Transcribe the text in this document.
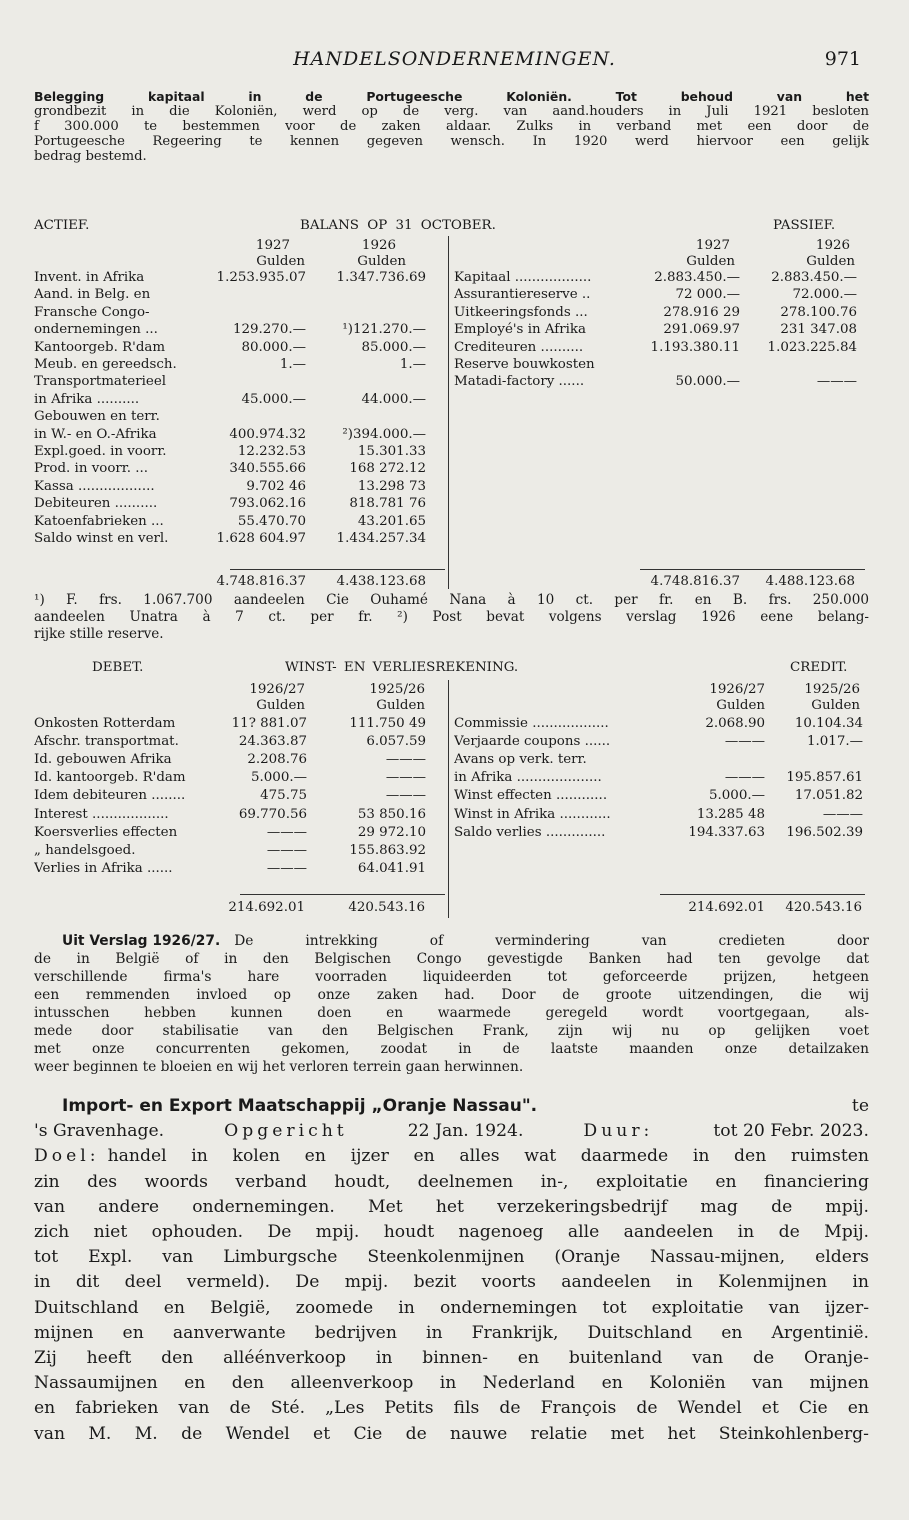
HANDELSONDERNEMINGEN.	971
Belegging kapitaal in de Portugeesche Koloniën. Tot behoud van het
grondbezit in die Koloniën, werd op de verg. van aand.houders in Juli 1921 besloten
f 300.000 te bestemmen voor de zaken aldaar. Zulks in verband met een door de
Portugeesche Regeering te kennen gegeven wensch. In 1920 werd hiervoor een gelijk
bedrag bestemd.
ACTIEF.	BALANS OP 31 OCTOBER.	PASSIEF.
1927	1926	1927	1926
Gulden	Gulden	Gulden	Gulden
Invent. in Afrika	1.253.935.07	1.347.736.69
Aand. in Belg. en
Fransche Congo-
ondernemingen ...	129.270.—	¹)121.270.—
Kantoorgeb. R'dam	80.000.—	85.000.—
Meub. en gereedsch.	1.—	1.—
Transportmaterieel
in Afrika ..........	45.000.—	44.000.—
Gebouwen en terr.
in W.- en O.-Afrika	400.974.32	²)394.000.—
Expl.goed. in voorr.	12.232.53	15.301.33
Prod. in voorr. ...	340.555.66	168 272.12
Kassa ..................	9.702 46	13.298 73
Debiteuren ..........	793.062.16	818.781 76
Katoenfabrieken ...	55.470.70	43.201.65
Saldo winst en verl.	1.628 604.97	1.434.257.34
Kapitaal ..................	2.883.450.—	2.883.450.—
Assurantiereserve ..	72 000.—	72.000.—
Uitkeeringsfonds ...	278.916 29	278.100.76
Employé's in Afrika	291.069.97	231 347.08
Crediteuren ..........	1.193.380.11	1.023.225.84
Reserve bouwkosten
Matadi-factory ......	50.000.—	———
4.748.816.37	4.438.123.68	4.748.816.37	4.488.123.68
¹) F. frs. 1.067.700 aandeelen Cie Ouhamé Nana à 10 ct. per fr. en B. frs. 250.000
aandeelen Unatra à 7 ct. per fr. ²) Post bevat volgens verslag 1926 eene belang-
rijke stille reserve.
DEBET.	WINST- EN VERLIESREKENING.	CREDIT.
1926/27	1925/26	1926/27	1925/26
Gulden	Gulden	Gulden	Gulden
Onkosten Rotterdam	11? 881.07	111.750 49
Afschr. transportmat.	24.363.87	6.057.59
Id. gebouwen Afrika	2.208.76	———
Id. kantoorgeb. R'dam	5.000.—	———
Idem debiteuren ........	475.75	———
Interest ..................	69.770.56	53 850.16
Koersverlies effecten	———	29 972.10
„ handelsgoed.	———	155.863.92
Verlies in Afrika ......	———	64.041.91
Commissie ..................	2.068.90	10.104.34
Verjaarde coupons ......	———	1.017.—
Avans op verk. terr.
in Afrika ....................	———	195.857.61
Winst effecten ............	5.000.—	17.051.82
Winst in Afrika ............	13.285 48	———
Saldo verlies ..............	194.337.63	196.502.39
214.692.01	420.543.16	214.692.01	420.543.16
Uit Verslag 1926/27. De intrekking of vermindering van credieten door
de in België of in den Belgischen Congo gevestigde Banken had ten gevolge dat
verschillende firma's hare voorraden liquideerden tot geforceerde prijzen, hetgeen
een remmenden invloed op onze zaken had. Door de groote uitzendingen, die wij
intusschen hebben kunnen doen en waarmede geregeld wordt voortgegaan, als-
mede door stabilisatie van den Belgischen Frank, zijn wij nu op gelijken voet
met onze concurrenten gekomen, zoodat in de laatste maanden onze detailzaken
weer beginnen te bloeien en wij het verloren terrein gaan herwinnen.
Import- en Export Maatschappij „Oranje Nassau".	te
's Gravenhage.	Opgericht	22 Jan. 1924.	Duur:	tot 20 Febr. 2023.
Doel: handel in kolen en ijzer en alles wat daarmede in den ruimsten
zin des woords verband houdt, deelnemen in-, exploitatie en financiering
van andere ondernemingen. Met het verzekeringsbedrijf mag de mpij.
zich niet ophouden. De mpij. houdt nagenoeg alle aandeelen in de Mpij.
tot Expl. van Limburgsche Steenkolenmijnen (Oranje Nassau-mijnen, elders
in dit deel vermeld). De mpij. bezit voorts aandeelen in Kolenmijnen in
Duitschland en België, zoomede in ondernemingen tot exploitatie van ijzer-
mijnen en aanverwante bedrijven in Frankrijk, Duitschland en Argentinië.
Zij heeft den alléénverkoop in binnen- en buitenland van de Oranje-
Nassaumijnen en den alleenverkoop in Nederland en Koloniën van mijnen
en fabrieken van de Sté. „Les Petits fils de François de Wendel et Cie en
van M. M. de Wendel et Cie de nauwe relatie met het Steinkohlenberg-
